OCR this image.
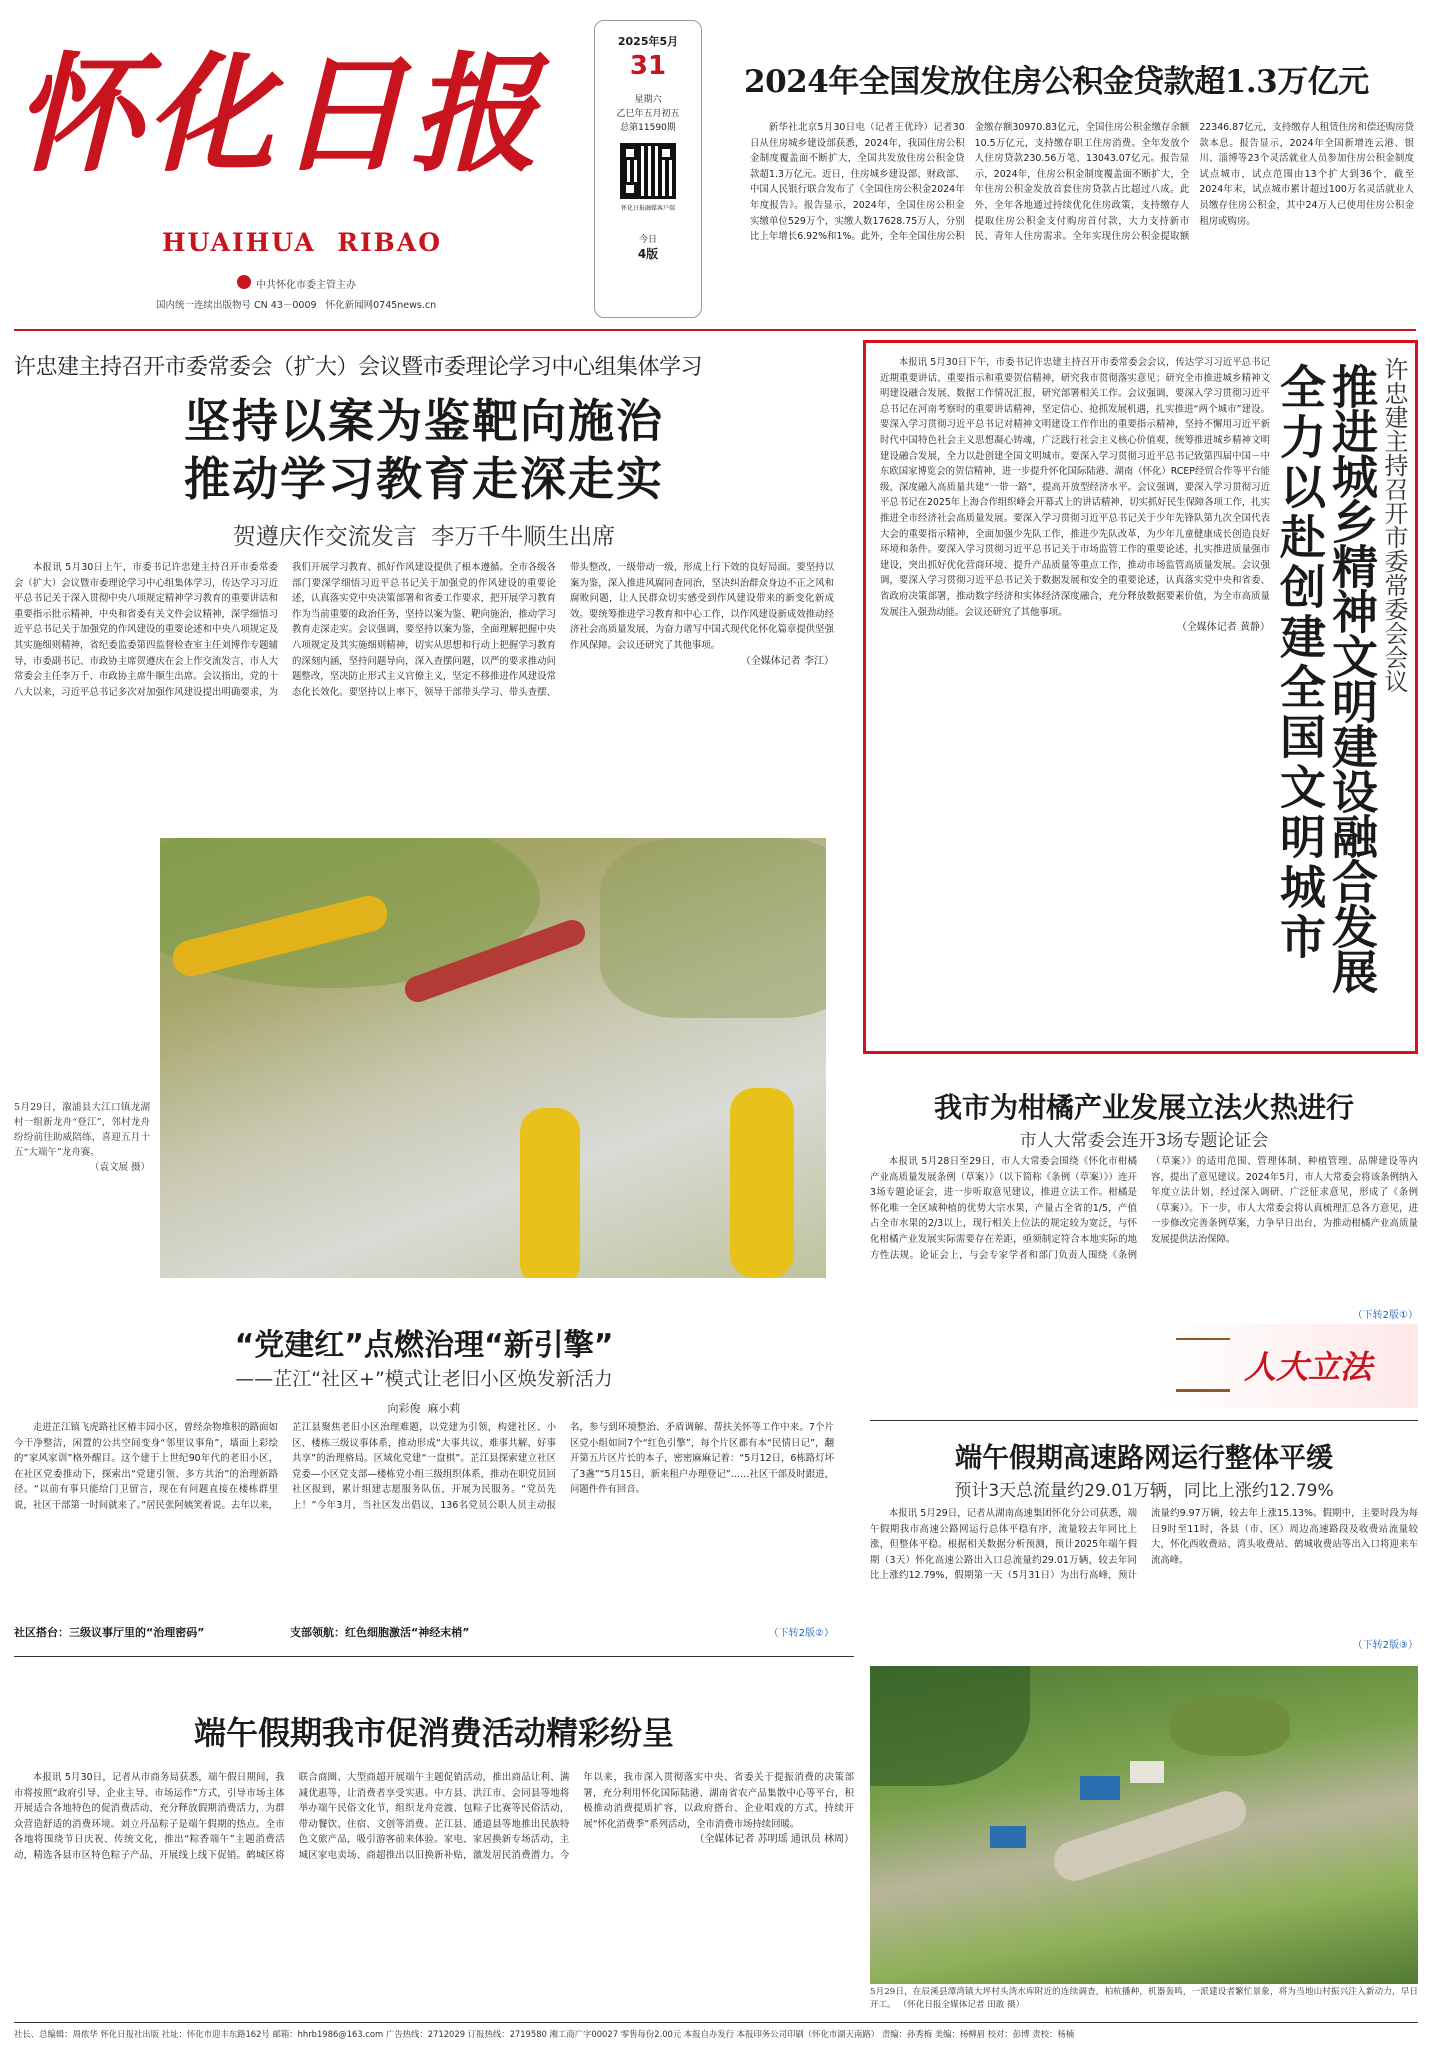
怀化日报
HUAIHUA  RIBAO
中共怀化市委主管主办
国内统一连续出版物号 CN 43－0009   怀化新闻网0745news.cn
2025年5月
31
星期六
乙巳年五月初五
总第11590期
怀化日报融媒客户端
今日
4版
2024年全国发放住房公积金贷款超1.3万亿元

新华社北京5月30日电（记者王优玲）记者30日从住房城乡建设部获悉，2024年，我国住房公积金制度覆盖面不断扩大，全国共发放住房公积金贷款超1.3万亿元。近日，住房城乡建设部、财政部、中国人民银行联合发布了《全国住房公积金2024年年度报告》。报告显示，2024年，全国住房公积金实缴单位529万个，实缴人数17628.75万人，分别比上年增长6.92%和1%。此外，全年全国住房公积金缴存额30970.83亿元，全国住房公积金缴存余额10.5万亿元，支持缴存职工住房消费。全年发放个人住房贷款230.56万笔、13043.07亿元。报告显示，2024年，住房公积金制度覆盖面不断扩大，全年住房公积金发放首套住房贷款占比超过八成。此外，全年各地通过持续优化住房政策，支持缴存人提取住房公积金支付购房首付款，大力支持新市民、青年人住房需求。全年实现住房公积金提取额22346.87亿元，支持缴存人租赁住房和偿还购房贷款本息。报告显示，2024年全国新增连云港、银川、淄博等23个灵活就业人员参加住房公积金制度试点城市，试点范围由13个扩大到36个，截至2024年末，试点城市累计超过100万名灵活就业人员缴存住房公积金，其中24万人已使用住房公积金租房或购房。

许忠建主持召开市委常委会（扩大）会议暨市委理论学习中心组集体学习
坚持以案为鉴靶向施治
推动学习教育走深走实
贺遵庆作交流发言  李万千牛顺生出席

本报讯 5月30日上午，市委书记许忠建主持召开市委常委会（扩大）会议暨市委理论学习中心组集体学习，传达学习习近平总书记关于深入贯彻中央八项规定精神学习教育的重要讲话和重要指示批示精神，中央和省委有关文件会议精神，深学细悟习近平总书记关于加强党的作风建设的重要论述和中央八项规定及其实施细则精神，省纪委监委第四监督检查室主任刘博作专题辅导，市委副书记、市政协主席贺遵庆在会上作交流发言，市人大常委会主任李万千、市政协主席牛顺生出席。会议指出，党的十八大以来，习近平总书记多次对加强作风建设提出明确要求，为我们开展学习教育、抓好作风建设提供了根本遵循。全市各级各部门要深学细悟习近平总书记关于加强党的作风建设的重要论述，认真落实党中央决策部署和省委工作要求，把开展学习教育作为当前重要的政治任务，坚持以案为鉴、靶向施治，推动学习教育走深走实。会议强调，要坚持以案为鉴，全面理解把握中央八项规定及其实施细则精神，切实从思想和行动上把握学习教育的深刻内涵，坚持问题导向，深入查摆问题，以严的要求推动问题整改，坚决防止形式主义官僚主义，坚定不移推进作风建设常态化长效化。要坚持以上率下，领导干部带头学习、带头查摆、带头整改，一级带动一级，形成上行下效的良好局面。要坚持以案为鉴，深入推进风腐同查同治，坚决纠治群众身边不正之风和腐败问题，让人民群众切实感受到作风建设带来的新变化新成效。要统筹推进学习教育和中心工作，以作风建设新成效推动经济社会高质量发展，为奋力谱写中国式现代化怀化篇章提供坚强作风保障。会议还研究了其他事项。

（全媒体记者 李江）

本报讯 5月30日下午，市委书记许忠建主持召开市委常委会会议，传达学习习近平总书记近期重要讲话、重要指示和重要贺信精神，研究我市贯彻落实意见；研究全市推进城乡精神文明建设融合发展、数据工作情况汇报，研究部署相关工作。会议强调，要深入学习贯彻习近平总书记在河南考察时的重要讲话精神，坚定信心、抢抓发展机遇，扎实推进“两个城市”建设。要深入学习贯彻习近平总书记对精神文明建设工作作出的重要指示精神，坚持不懈用习近平新时代中国特色社会主义思想凝心铸魂，广泛践行社会主义核心价值观，统筹推进城乡精神文明建设融合发展，全力以赴创建全国文明城市。要深入学习贯彻习近平总书记致第四届中国－中东欧国家博览会的贺信精神，进一步提升怀化国际陆港、湖南（怀化）RCEP经贸合作等平台能级，深度融入高质量共建“一带一路”，提高开放型经济水平。会议强调，要深入学习贯彻习近平总书记在2025年上海合作组织峰会开幕式上的讲话精神，切实抓好民生保障各项工作，扎实推进全市经济社会高质量发展。要深入学习贯彻习近平总书记关于少年先锋队第九次全国代表大会的重要指示精神，全面加强少先队工作，推进少先队改革，为少年儿童健康成长创造良好环境和条件。要深入学习贯彻习近平总书记关于市场监管工作的重要论述，扎实推进质量强市建设，突出抓好优化营商环境、提升产品质量等重点工作，推动市场监管高质量发展。会议强调，要深入学习贯彻习近平总书记关于数据发展和安全的重要论述，认真落实党中央和省委、省政府决策部署，推动数字经济和实体经济深度融合，充分释放数据要素价值，为全市高质量发展注入强劲动能。会议还研究了其他事项。

（全媒体记者 黄静）	许忠建主持召开市委常委会会议
推进城乡精神文明建设融合发展
全力以赴创建全国文明城市
5月29日，溆浦县大江口镇龙湖村一组新龙舟“登江”，邻村龙舟纷纷前往助威陪练，喜迎五月十五“大端午”龙舟赛。
（袁文展 摄）
“党建红”点燃治理“新引擎”
——芷江“社区+”模式让老旧小区焕发新活力
向彩俊  麻小莉

走进芷江镇飞虎路社区椿丰园小区，曾经杂物堆积的路面如今干净整洁，闲置的公共空间变身“邻里议事角”，墙面上彩绘的“家风家训”格外醒目。这个建于上世纪90年代的老旧小区，在社区党委推动下，探索出“党建引领、多方共治”的治理新路径。“以前有事只能给门卫留言，现在有问题直接在楼栋群里说，社区干部第一时间就来了。”居民张阿姨笑着说。去年以来，芷江县聚焦老旧小区治理难题，以党建为引领，构建社区、小区、楼栋三级议事体系，推动形成“大事共议、难事共解、好事共享”的治理格局。区域化党建“一盘棋”。芷江县探索建立社区党委—小区党支部—楼栋党小组三级组织体系，推动在职党员回社区报到，累计组建志愿服务队伍，开展为民服务。“党员先上！”今年3月，当社区发出倡议，136名党员公职人员主动报名，参与到环境整治、矛盾调解、帮扶关怀等工作中来。7个片区党小组如同7个“红色引擎”，每个片区都有本“民情日记”，翻开第五片区片长的本子，密密麻麻记着：“5月12日，6栋路灯坏了3盏”“5月15日，新来租户办理登记”……社区干部及时跟进，问题件件有回音。

社区搭台：三级议事厅里的“治理密码”	支部领航：红色细胞激活“神经末梢”	（下转2版②）
我市为柑橘产业发展立法火热进行
市人大常委会连开3场专题论证会

本报讯 5月28日至29日，市人大常委会围绕《怀化市柑橘产业高质量发展条例（草案）》（以下简称《条例（草案）》）连开3场专题论证会，进一步听取意见建议，推进立法工作。柑橘是怀化唯一全区域种植的优势大宗水果，产量占全省的1/5，产值占全市水果的2/3以上，现行相关上位法的规定较为宽泛，与怀化柑橘产业发展实际需要存在差距，亟须制定符合本地实际的地方性法规。论证会上，与会专家学者和部门负责人围绕《条例（草案）》的适用范围、管理体制、种植管理、品牌建设等内容，提出了意见建议。2024年5月，市人大常委会将该条例纳入年度立法计划，经过深入调研、广泛征求意见，形成了《条例（草案）》。下一步，市人大常委会将认真梳理汇总各方意见，进一步修改完善条例草案，力争早日出台，为推动柑橘产业高质量发展提供法治保障。

人大立法
（下转2版①）
端午假期高速路网运行整体平缓
预计3天总流量约29.01万辆，同比上涨约12.79%

本报讯 5月29日，记者从湖南高速集团怀化分公司获悉，端午假期我市高速公路网运行总体平稳有序，流量较去年同比上涨，但整体平稳。根据相关数据分析预测，预计2025年端午假期（3天）怀化高速公路出入口总流量约29.01万辆，较去年同比上涨约12.79%，假期第一天（5月31日）为出行高峰，预计流量约9.97万辆，较去年上涨15.13%。假期中，主要时段为每日9时至11时，各县（市、区）周边高速路段及收费站流量较大，怀化西收费站、湾头收费站、鹤城收费站等出入口将迎来车流高峰。

（下转2版③）
端午假期我市促消费活动精彩纷呈

本报讯 5月30日，记者从市商务局获悉，端午假日期间，我市将按照“政府引导、企业主导、市场运作”方式，引导市场主体开展适合各地特色的促消费活动，充分释放假期消费活力，为群众营造舒适的消费环境。刘立丹品粽子是端午假期的热点。全市各地将围绕节日庆祝、传统文化，推出“粽香端午”主题消费活动，精选各县市区特色粽子产品，开展线上线下促销。鹤城区将联合商圈、大型商超开展端午主题促销活动，推出商品让利、满减优惠等，让消费者享受实惠。中方县、洪江市、会同县等地将举办端午民俗文化节，组织龙舟竞渡、包粽子比赛等民俗活动，带动餐饮、住宿、文创等消费。芷江县、通道县等地推出民族特色文旅产品，吸引游客前来体验。家电、家居换新专场活动，主城区家电卖场、商超推出以旧换新补贴，激发居民消费潜力。今年以来，我市深入贯彻落实中央、省委关于提振消费的决策部署，充分利用怀化国际陆港、湖南省农产品集散中心等平台，积极推动消费提质扩容，以政府搭台、企业唱戏的方式，持续开展“怀化消费季”系列活动，全市消费市场持续回暖。

（全媒体记者 苏明瑶 通讯员 林周）

5月29日，在辰溪县潭湾镇大坪村头湾水库附近的连续调查，柏杭播种，机器轰鸣，一派建设者繁忙景象，将为当地山村振兴注入新动力，早日开工。 （怀化日报全媒体记者 田敢 摄）
社长、总编辑：周侬华 怀化日报社出版 社址：怀化市迎丰东路162号 邮箱：hhrb1986@163.com 广告热线：2712029 订报热线：2719580 湘工商广字00027 零售每份2.00元 本报自办发行 本报印务公司印刷（怀化市湖天南路） 责编：孙秀梅 美编：杨柳眉 校对：彭博 责校：杨楠
